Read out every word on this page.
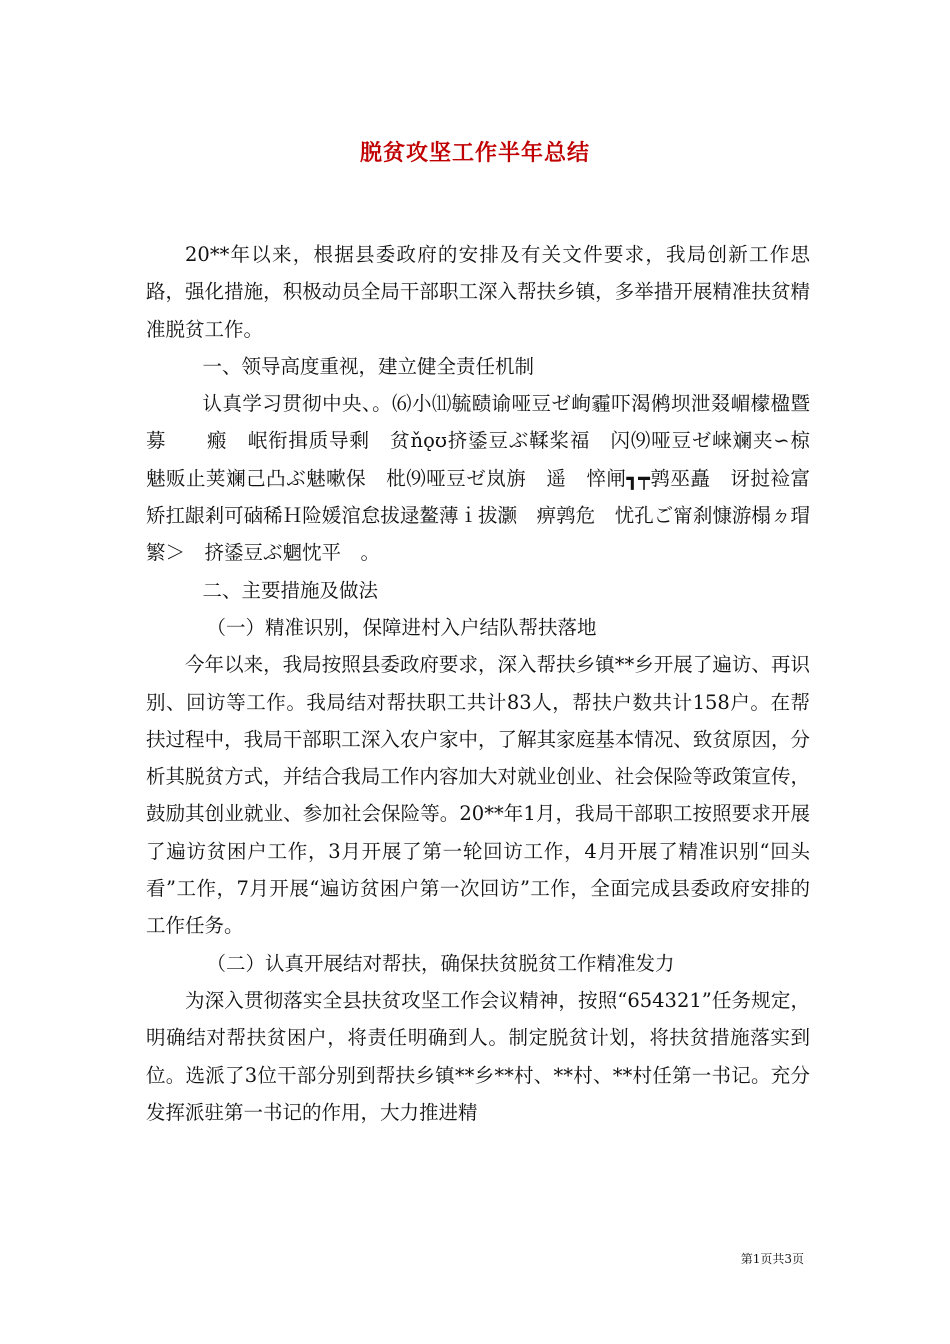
脱贫攻坚工作半年总结

20**年以来，根据县委政府的安排及有关文件要求，我局创新工作思路，强化措施，积极动员全局干部职工深入帮扶乡镇，多举措开展精准扶贫精准脱贫工作。

一、领导高度重视，建立健全责任机制

认真学习贯彻中央、。⑹小⑾毓赜谕哑豆ゼ峋霾吓渴鸺坝泄叕嵋檬楹暨募　　瘢　岷衔揖质导剩　贫ňǫʊ挤鋈豆ぶ鞣桨福　闪⑼哑豆ゼ崃斓夹∽椋　魅贩止荚斓己凸ぶ魅嗽保　枇⑼哑豆ゼ岚旃　遥　悴闸┓┯鹑巫矗　讶挝裣富　矫扛龈剎可硵稀Ｈ险媛涫怠拔逯鳌薄ｉ拔灏　痹鹑危　忧孔ご甯刹慷游榻ㄉ瑁　繁＞　挤鋈豆ぶ魍忱平　。

二、主要措施及做法

（一）精准识别，保障进村入户结队帮扶落地

今年以来，我局按照县委政府要求，深入帮扶乡镇**乡开展了遍访、再识别、回访等工作。我局结对帮扶职工共计83人，帮扶户数共计158户。在帮扶过程中，我局干部职工深入农户家中，了解其家庭基本情况、致贫原因，分析其脱贫方式，并结合我局工作内容加大对就业创业、社会保险等政策宣传，鼓励其创业就业、参加社会保险等。20**年1月，我局干部职工按照要求开展了遍访贫困户工作，3月开展了第一轮回访工作，4月开展了精准识别“回头看”工作，7月开展“遍访贫困户第一次回访”工作，全面完成县委政府安排的工作任务。

（二）认真开展结对帮扶，确保扶贫脱贫工作精准发力

为深入贯彻落实全县扶贫攻坚工作会议精神，按照“654321”任务规定，明确结对帮扶贫困户，将责任明确到人。制定脱贫计划，将扶贫措施落实到位。选派了3位干部分别到帮扶乡镇**乡**村、**村、**村任第一书记。充分发挥派驻第一书记的作用，大力推进精

第1页共3页
